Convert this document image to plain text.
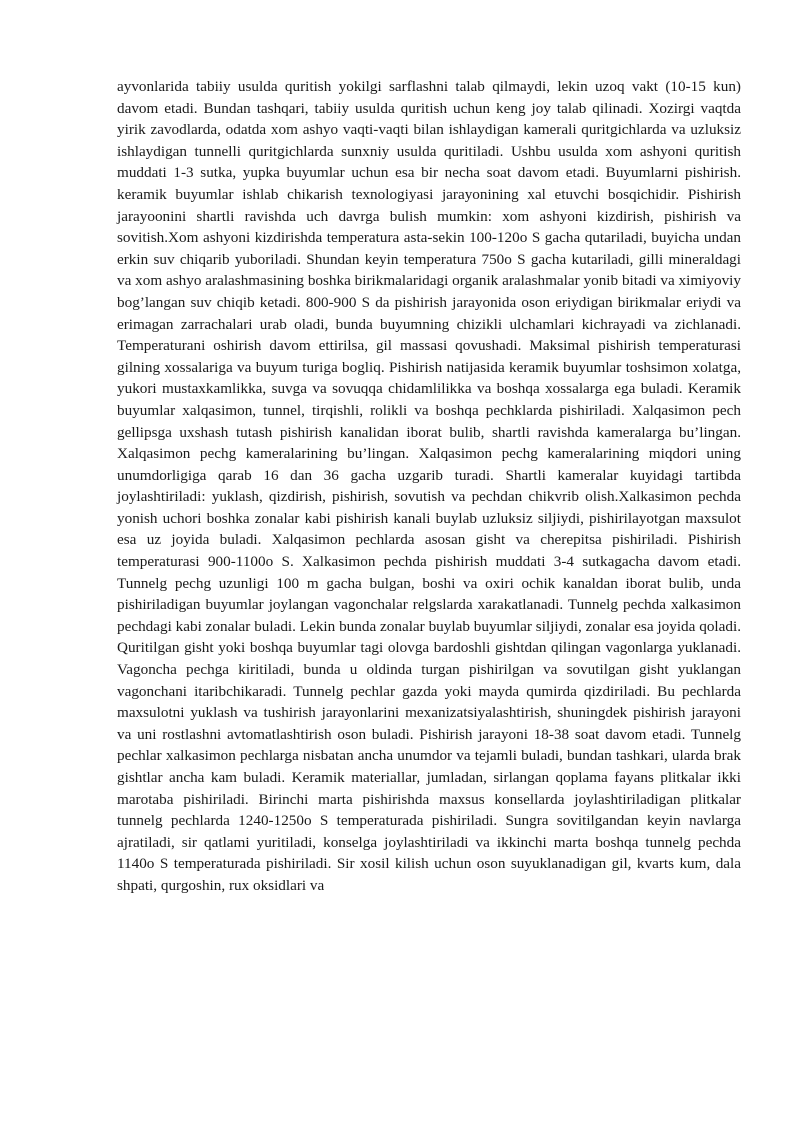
ayvonlarida tabiiy usulda quritish yokilgi sarflashni talab qilmaydi, lekin uzoq vakt (10-15 kun) davom etadi. Bundan tashqari, tabiiy usulda quritish uchun keng joy talab qilinadi. Xozirgi vaqtda yirik zavodlarda, odatda xom ashyo vaqti-vaqti bilan ishlaydigan kamerali quritgichlarda va uzluksiz ishlaydigan tunnelli quritgichlarda sunxniy usulda quritiladi. Ushbu usulda xom ashyoni quritish muddati 1-3 sutka, yupka buyumlar uchun esa bir necha soat davom etadi. Buyumlarni pishirish. keramik buyumlar ishlab chikarish texnologiyasi jarayonining xal etuvchi bosqichidir. Pishirish jarayoonini shartli ravishda uch davrga bulish mumkin: xom ashyoni kizdirish, pishirish va sovitish.Xom ashyoni kizdirishda temperatura asta-sekin 100-120o S gacha qutariladi, buyicha undan erkin suv chiqarib yuboriladi. Shundan keyin temperatura 750o S gacha kutariladi, gilli mineraldagi va xom ashyo aralashmasining boshka birikmalaridagi organik aralashmalar yonib bitadi va ximiyoviy bog’langan suv chiqib ketadi. 800-900 S da pishirish jarayonida oson eriydigan birikmalar eriydi va erimagan zarrachalari urab oladi, bunda buyumning chizikli ulchamlari kichrayadi va zichlanadi. Temperaturani oshirish davom ettirilsa, gil massasi qovushadi. Maksimal pishirish temperaturasi gilning xossalariga va buyum turiga bogliq. Pishirish natijasida keramik buyumlar toshsimon xolatga, yukori mustaxkamlikka, suvga va sovuqqa chidamlilikka va boshqa xossalarga ega buladi. Keramik buyumlar xalqasimon, tunnel, tirqishli, rolikli va boshqa pechklarda pishiriladi. Xalqasimon pech gellipsga uxshash tutash pishirish kanalidan iborat bulib, shartli ravishda kameralarga bu’lingan. Xalqasimon pechg kameralarining bu’lingan. Xalqasimon pechg kameralarining miqdori uning unumdorligiga qarab 16 dan 36 gacha uzgarib turadi. Shartli kameralar kuyidagi tartibda joylashtiriladi: yuklash, qizdirish, pishirish, sovutish va pechdan chikvrib olish.Xalkasimon pechda yonish uchori boshka zonalar kabi pishirish kanali buylab uzluksiz siljiydi, pishirilayotgan maxsulot esa uz joyida buladi. Xalqasimon pechlarda asosan gisht va cherepitsa pishiriladi. Pishirish temperaturasi 900-1100o S. Xalkasimon pechda pishirish muddati 3-4 sutkagacha davom etadi. Tunnelg pechg uzunligi 100 m gacha bulgan, boshi va oxiri ochik kanaldan iborat bulib, unda pishiriladigan buyumlar joylangan vagonchalar relgslarda xarakatlanadi. Tunnelg pechda xalkasimon pechdagi kabi zonalar buladi. Lekin bunda zonalar buylab buyumlar siljiydi, zonalar esa joyida qoladi. Quritilgan gisht yoki boshqa buyumlar tagi olovga bardoshli gishtdan qilingan vagonlarga yuklanadi. Vagoncha pechga kiritiladi, bunda u oldinda turgan pishirilgan va sovutilgan gisht yuklangan vagonchani itaribchikaradi. Tunnelg pechlar gazda yoki mayda qumirda qizdiriladi. Bu pechlarda maxsulotni yuklash va tushirish jarayonlarini mexanizatsiyalashtirish, shuningdek pishirish jarayoni va uni rostlashni avtomatlashtirish oson buladi. Pishirish jarayoni 18-38 soat davom etadi. Tunnelg pechlar xalkasimon pechlarga nisbatan ancha unumdor va tejamli buladi, bundan tashkari, ularda brak gishtlar ancha kam buladi. Keramik materiallar, jumladan, sirlangan qoplama fayans plitkalar ikki marotaba pishiriladi. Birinchi marta pishirishda maxsus konsellarda joylashtiriladigan plitkalar tunnelg pechlarda 1240-1250o S temperaturada pishiriladi. Sungra sovitilgandan keyin navlarga ajratiladi, sir qatlami yuritiladi, konselga joylashtiriladi va ikkinchi marta boshqa tunnelg pechda 1140o S temperaturada pishiriladi. Sir xosil kilish uchun oson suyuklanadigan gil, kvarts kum, dala shpati, qurgoshin, rux oksidlari va
